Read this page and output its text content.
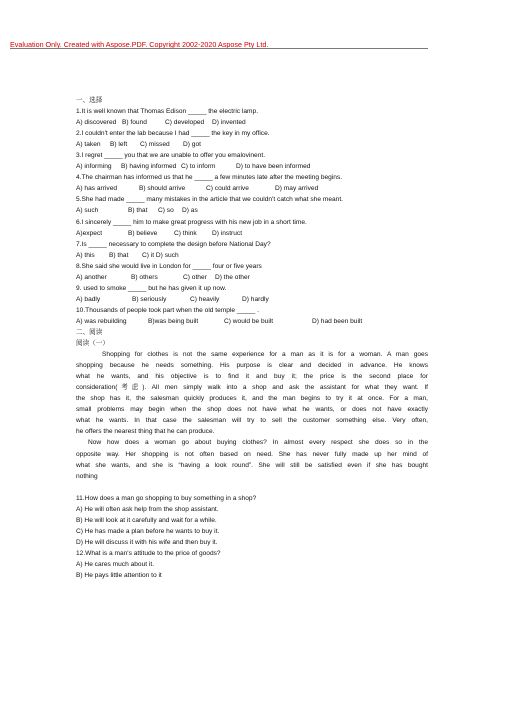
Evaluation Only. Created with Aspose.PDF. Copyright 2002-2020 Aspose Pty Ltd.
一、选择
1.It is well known that Thomas Edison _____ the electric lamp.
A) discovered B) found	C) developed D) invented
2.I couldn't enter the lab because I had _____ the key in my office.
A) taken B) left C) missed D) got
3.I regret _____ you that we are unable to offer you emalovinent.
A) informing B) having informed C) to inform	D) to have been informed
4.The chairman has informed us that he _____ a few minutes late after the meeting begins.
A) has arrived	B) should arrive	C) could arrive	D) may arrived
5.She had made _____ many mistakes in the article that we couldn't catch what she meant.
A) such	B) that C) so D) as
6.I sincerely _____ him to make great progress with his new job in a short time.
A)expect	B) believe	C) think D) instruct
7.Is _____ necessary to complete the design before National Day?
A) this B) that C) it D) such
8.She said she would live in London for _____ four or five years
A) another	B) others	C) other D) the other
9. used to smoke _____ but he has given it up now.
A) badly	B) seriously	C) heavily	D) hardly
10.Thousands of people took part when the old temple _____ .
A) was rebuilding	B)was being built	C) would be built	D) had been built
二、阅读
阅读（一）
Shopping for clothes is not the same experience for a man as it is for a woman. A man goes
shopping because he needs something. His purpose is clear and decided in advance. He knows
what he wants, and his objective is to find it and buy it; the price is the second place for
consideration(考虑). All men simply walk into a shop and ask the assistant for what they want. If
the shop has it, the salesman quickly produces it, and the man begins to try it at once. For a man,
small problems may begin when the shop does not have what he wants, or does not have exactly
what he wants. In that case the salesman will try to sell the customer something else. Very often,
he offers the nearest thing that he can produce.
Now how does a woman go about buying clothes? In almost every respect she does so in the
opposite way. Her shopping is not often based on need. She has never fully made up her mind of
what she wants, and she is “having a look round”. She will still be satisfied even if she has bought
nothing
11.How does a man go shopping to buy something in a shop?
A) He will often ask help from the shop assistant.
B) He will look at it carefully and wait for a while.
C) He has made a plan before he wants to buy it.
D) He will discuss it with his wife and then buy it.
12.What is a man's attitude to the price of goods?
A) He cares much about it.
B) He pays little attention to it
